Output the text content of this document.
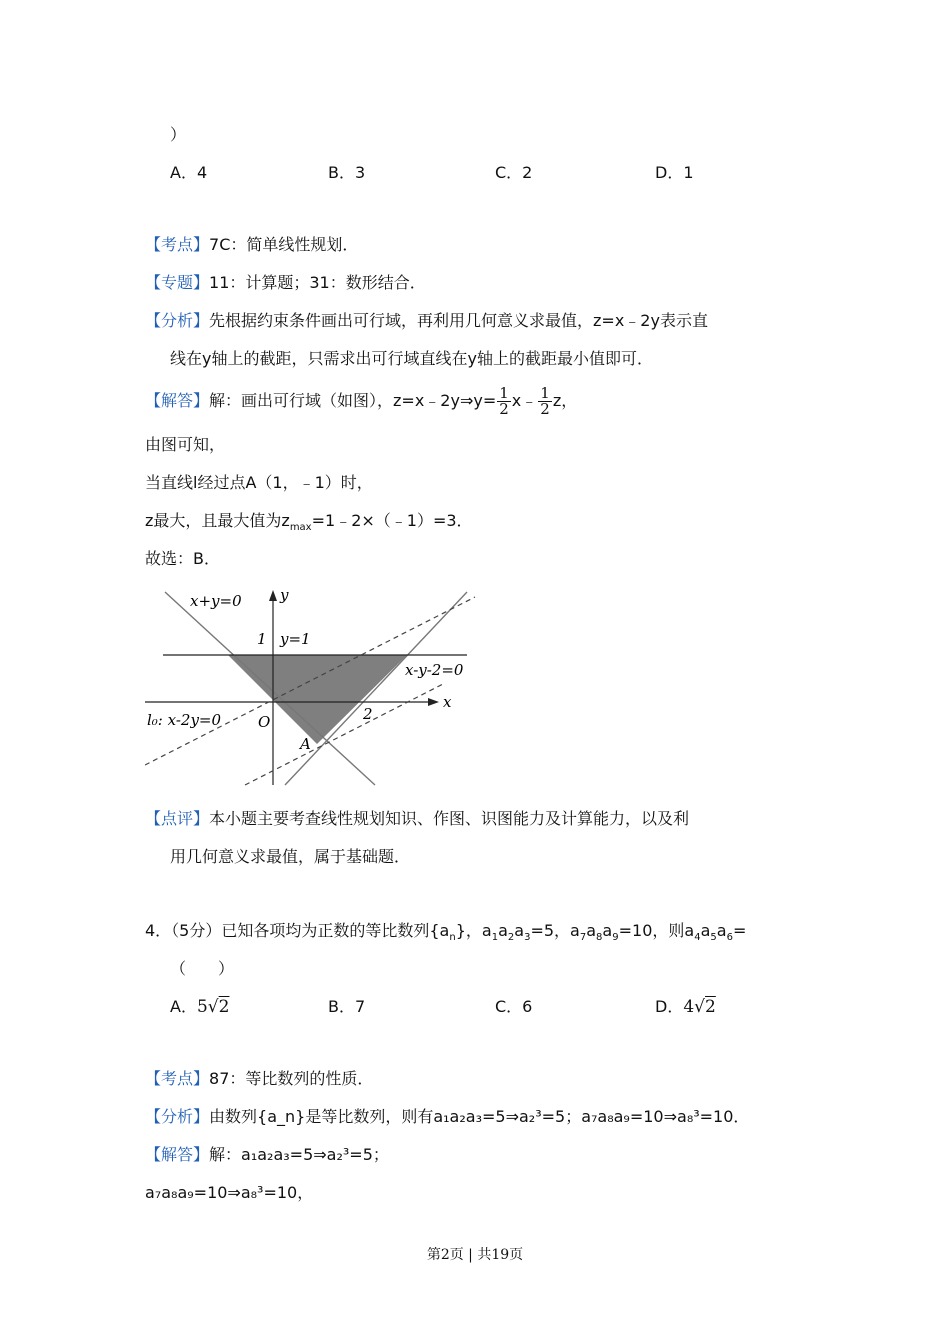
）
A．4	B．3	C．2	D．1
【考点】7C：简单线性规划．
【专题】11：计算题；31：数形结合．
【分析】先根据约束条件画出可行域，再利用几何意义求最值，z=x﹣2y表示直
线在y轴上的截距，只需求出可行域直线在y轴上的截距最小值即可．
【解答】解：画出可行域（如图），z=x﹣2y⇒y= $\frac{1}{2}$ x﹣ $\frac{1}{2}$ z，
由图可知，
当直线l经过点A（1，﹣1）时，
z最大，且最大值为$z_{max}=1﹣2\times(﹣1)=3$．
故选：B．
x+y=0	y
1 y=1
x-y-2=0
x
l₀: x-2y=0 O	2
A
【点评】本小题主要考查线性规划知识、作图、识图能力及计算能力，以及利
用几何意义求最值，属于基础题．
4．（5分）已知各项均为正数的等比数列$\{a_n\}$，$a_1a_2a_3=5$，$a_7a_8a_9=10$，则$a_4a_5a_6=$
（　　）
A．5√2	B．7	C．6	D．4√2
【考点】87：等比数列的性质．
【分析】由数列{a_n}是等比数列，则有a₁a₂a₃=5⇒a₂³=5；a₇a₈a₉=10⇒a₈³=10．
【解答】解：a₁a₂a₃=5⇒a₂³=5；
a₇a₈a₉=10⇒a₈³=10，
第2页 | 共19页
